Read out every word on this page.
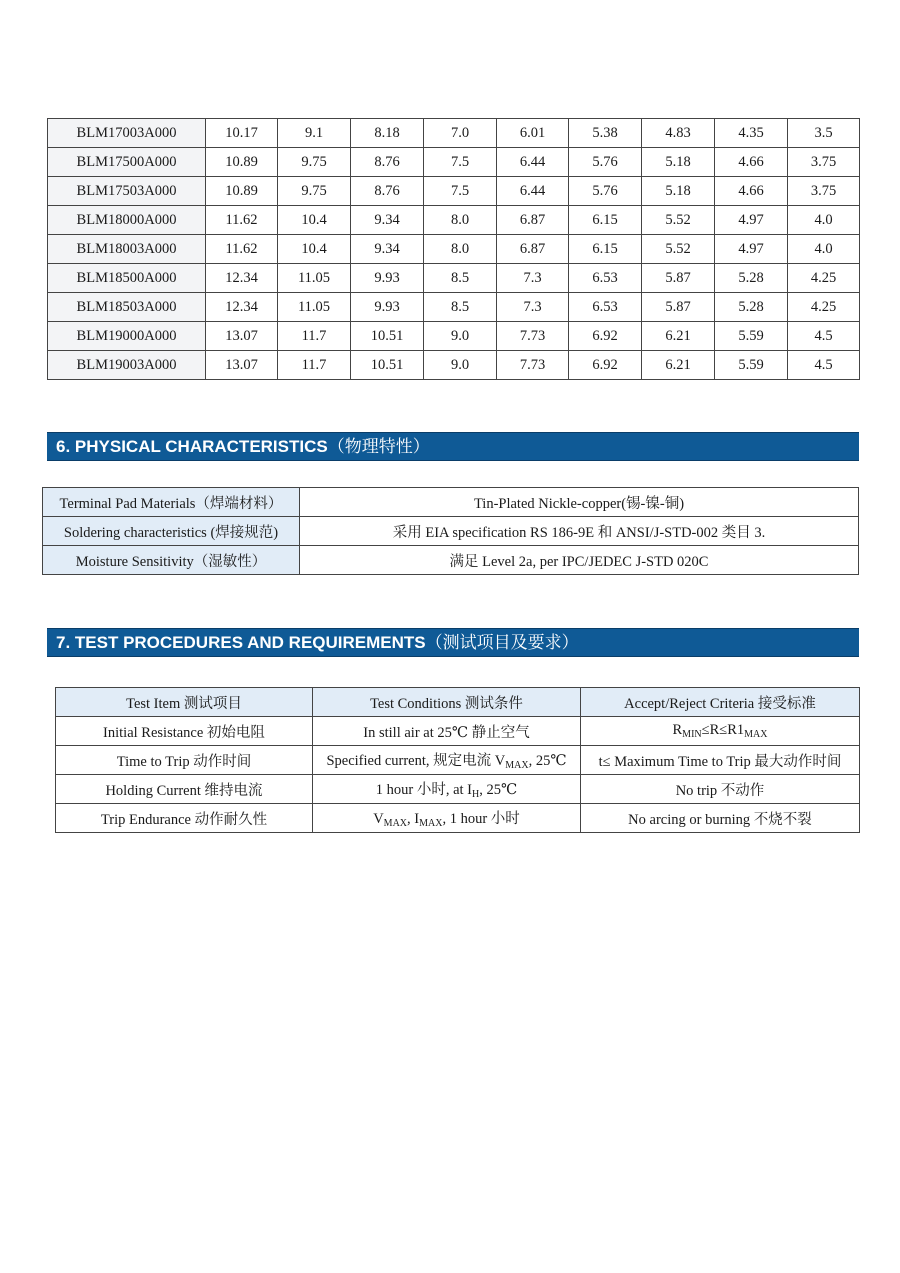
BLM17003A000	10.17	9.1	8.18	7.0	6.01	5.38	4.83	4.35	3.5
BLM17500A000	10.89	9.75	8.76	7.5	6.44	5.76	5.18	4.66	3.75
BLM17503A000	10.89	9.75	8.76	7.5	6.44	5.76	5.18	4.66	3.75
BLM18000A000	11.62	10.4	9.34	8.0	6.87	6.15	5.52	4.97	4.0
BLM18003A000	11.62	10.4	9.34	8.0	6.87	6.15	5.52	4.97	4.0
BLM18500A000	12.34	11.05	9.93	8.5	7.3	6.53	5.87	5.28	4.25
BLM18503A000	12.34	11.05	9.93	8.5	7.3	6.53	5.87	5.28	4.25
BLM19000A000	13.07	11.7	10.51	9.0	7.73	6.92	6.21	5.59	4.5
BLM19003A000	13.07	11.7	10.51	9.0	7.73	6.92	6.21	5.59	4.5
6. PHYSICAL CHARACTERISTICS（物理特性）
Terminal Pad Materials（焊端材料）	Tin-Plated Nickle-copper(锡-镍-铜)
Soldering characteristics (焊接规范)	采用 EIA specification RS 186-9E 和 ANSI/J-STD-002 类目 3.
Moisture Sensitivity（湿敏性）	满足 Level 2a, per IPC/JEDEC J-STD 020C
7. TEST PROCEDURES AND REQUIREMENTS（测试项目及要求）
Test Item 测试项目	Test Conditions 测试条件	Accept/Reject Criteria 接受标准
Initial Resistance 初始电阻	In still air at 25℃ 静止空气	$R_{MIN}\le R\le R1_{MAX}$
Time to Trip 动作时间	Specified current, 规定电流 $V_{MAX}$, 25℃	t≤ Maximum Time to Trip 最大动作时间
Holding Current 维持电流	1 hour 小时, at $I_H$, 25℃	No trip 不动作
Trip Endurance 动作耐久性	$V_{MAX}$, $I_{MAX}$, 1 hour 小时	No arcing or burning 不烧不裂
